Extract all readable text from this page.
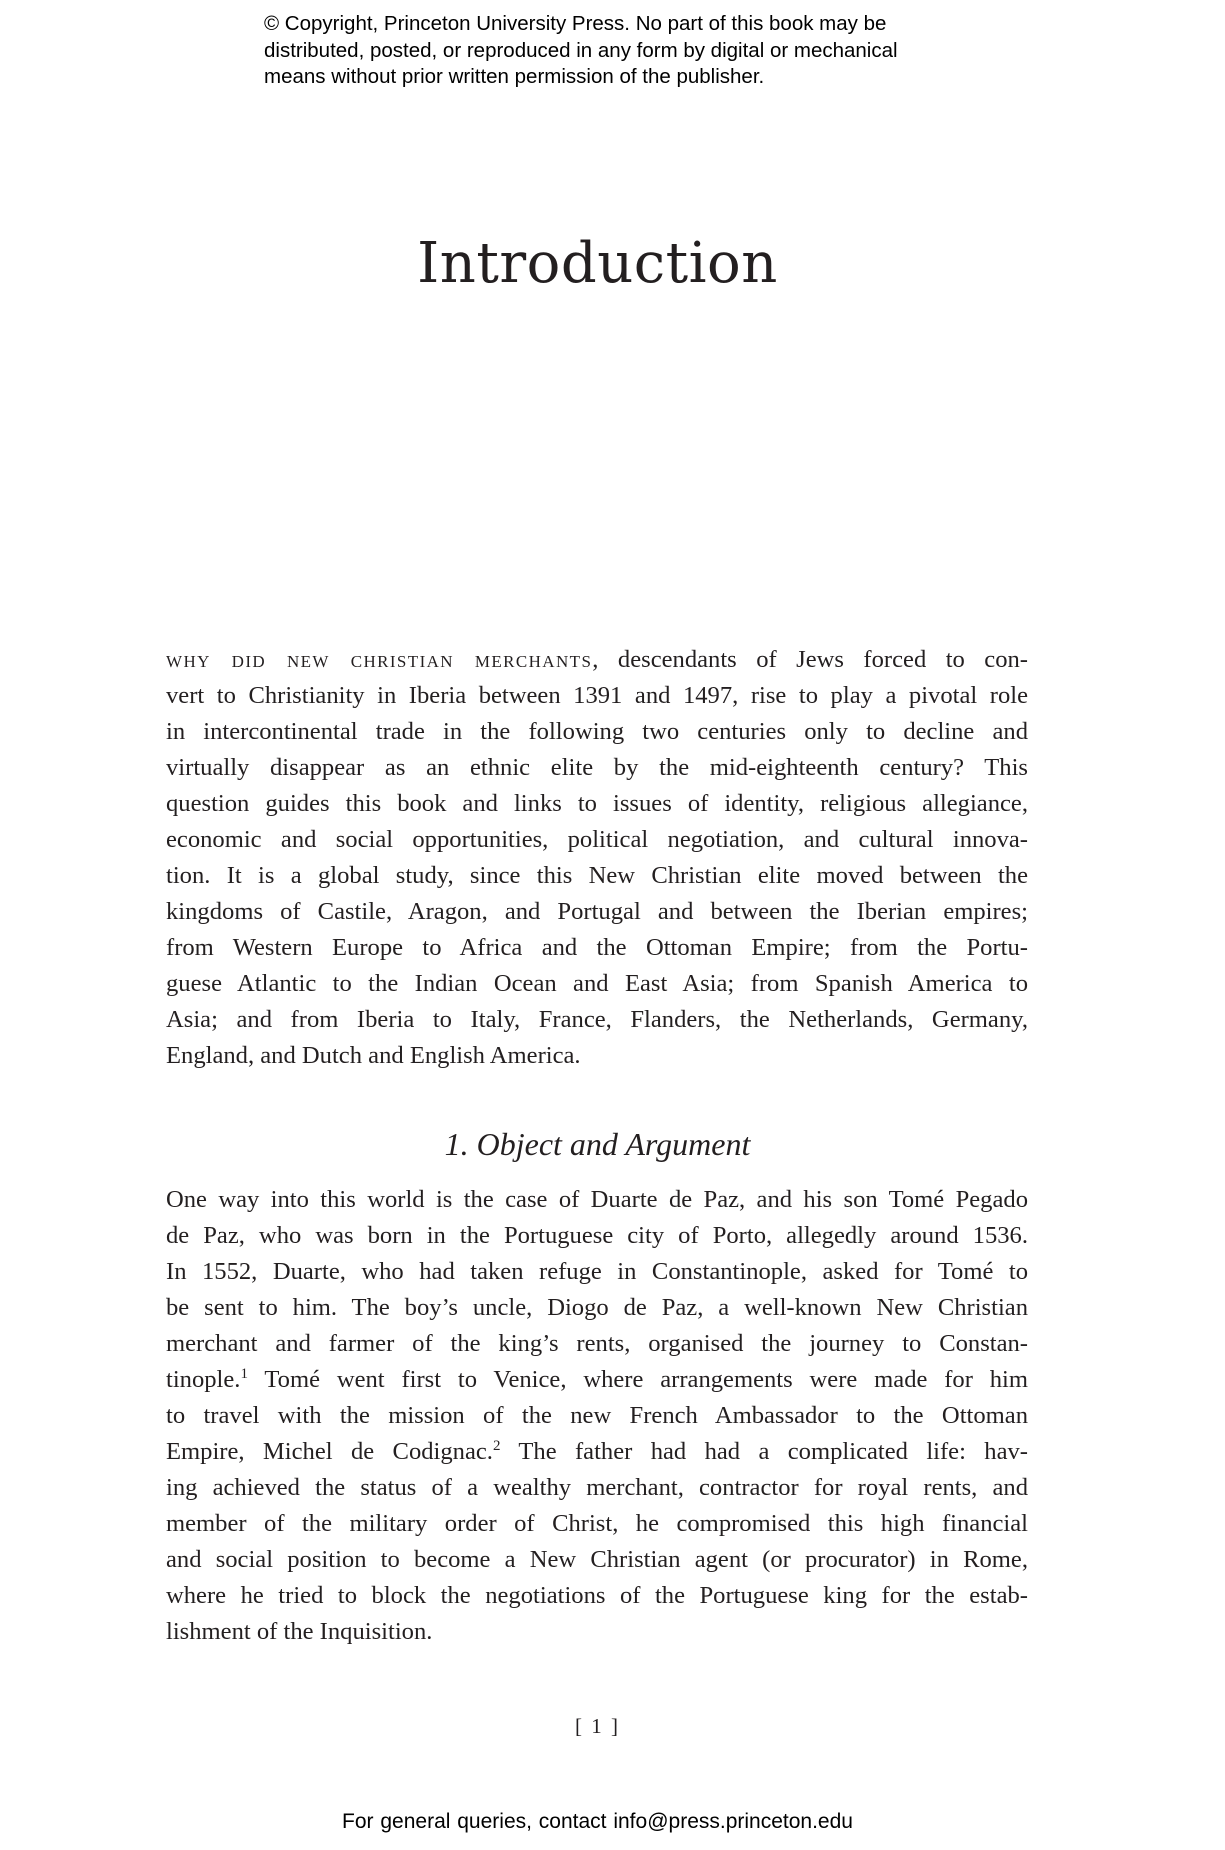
© Copyright, Princeton University Press. No part of this book may be
distributed, posted, or reproduced in any form by digital or mechanical
means without prior written permission of the publisher.
Introduction
why did new christian merchants, descendants of Jews forced to con-
vert to Christianity in Iberia between 1391 and 1497, rise to play a pivotal role
in intercontinental trade in the following two centuries only to decline and
virtually disappear as an ethnic elite by the mid-eighteenth century? This
question guides this book and links to issues of identity, religious allegiance,
economic and social opportunities, political negotiation, and cultural innova-
tion. It is a global study, since this New Christian elite moved between the
kingdoms of Castile, Aragon, and Portugal and between the Iberian empires;
from Western Europe to Africa and the Ottoman Empire; from the Portu-
guese Atlantic to the Indian Ocean and East Asia; from Spanish America to
Asia; and from Iberia to Italy, France, Flanders, the Netherlands, Germany,
England, and Dutch and English America.
1. Object and Argument
One way into this world is the case of Duarte de Paz, and his son Tomé Pegado
de Paz, who was born in the Portuguese city of Porto, allegedly around 1536.
In 1552, Duarte, who had taken refuge in Constantinople, asked for Tomé to
be sent to him. The boy’s uncle, Diogo de Paz, a well-known New Christian
merchant and farmer of the king’s rents, organised the journey to Constan-
tinople.$^1$ Tomé went first to Venice, where arrangements were made for him
to travel with the mission of the new French Ambassador to the Ottoman
Empire, Michel de Codignac.$^2$ The father had had a complicated life: hav-
ing achieved the status of a wealthy merchant, contractor for royal rents, and
member of the military order of Christ, he compromised this high financial
and social position to become a New Christian agent (or procurator) in Rome,
where he tried to block the negotiations of the Portuguese king for the estab-
lishment of the Inquisition.
[ 1 ]
For general queries, contact info@press.princeton.edu
